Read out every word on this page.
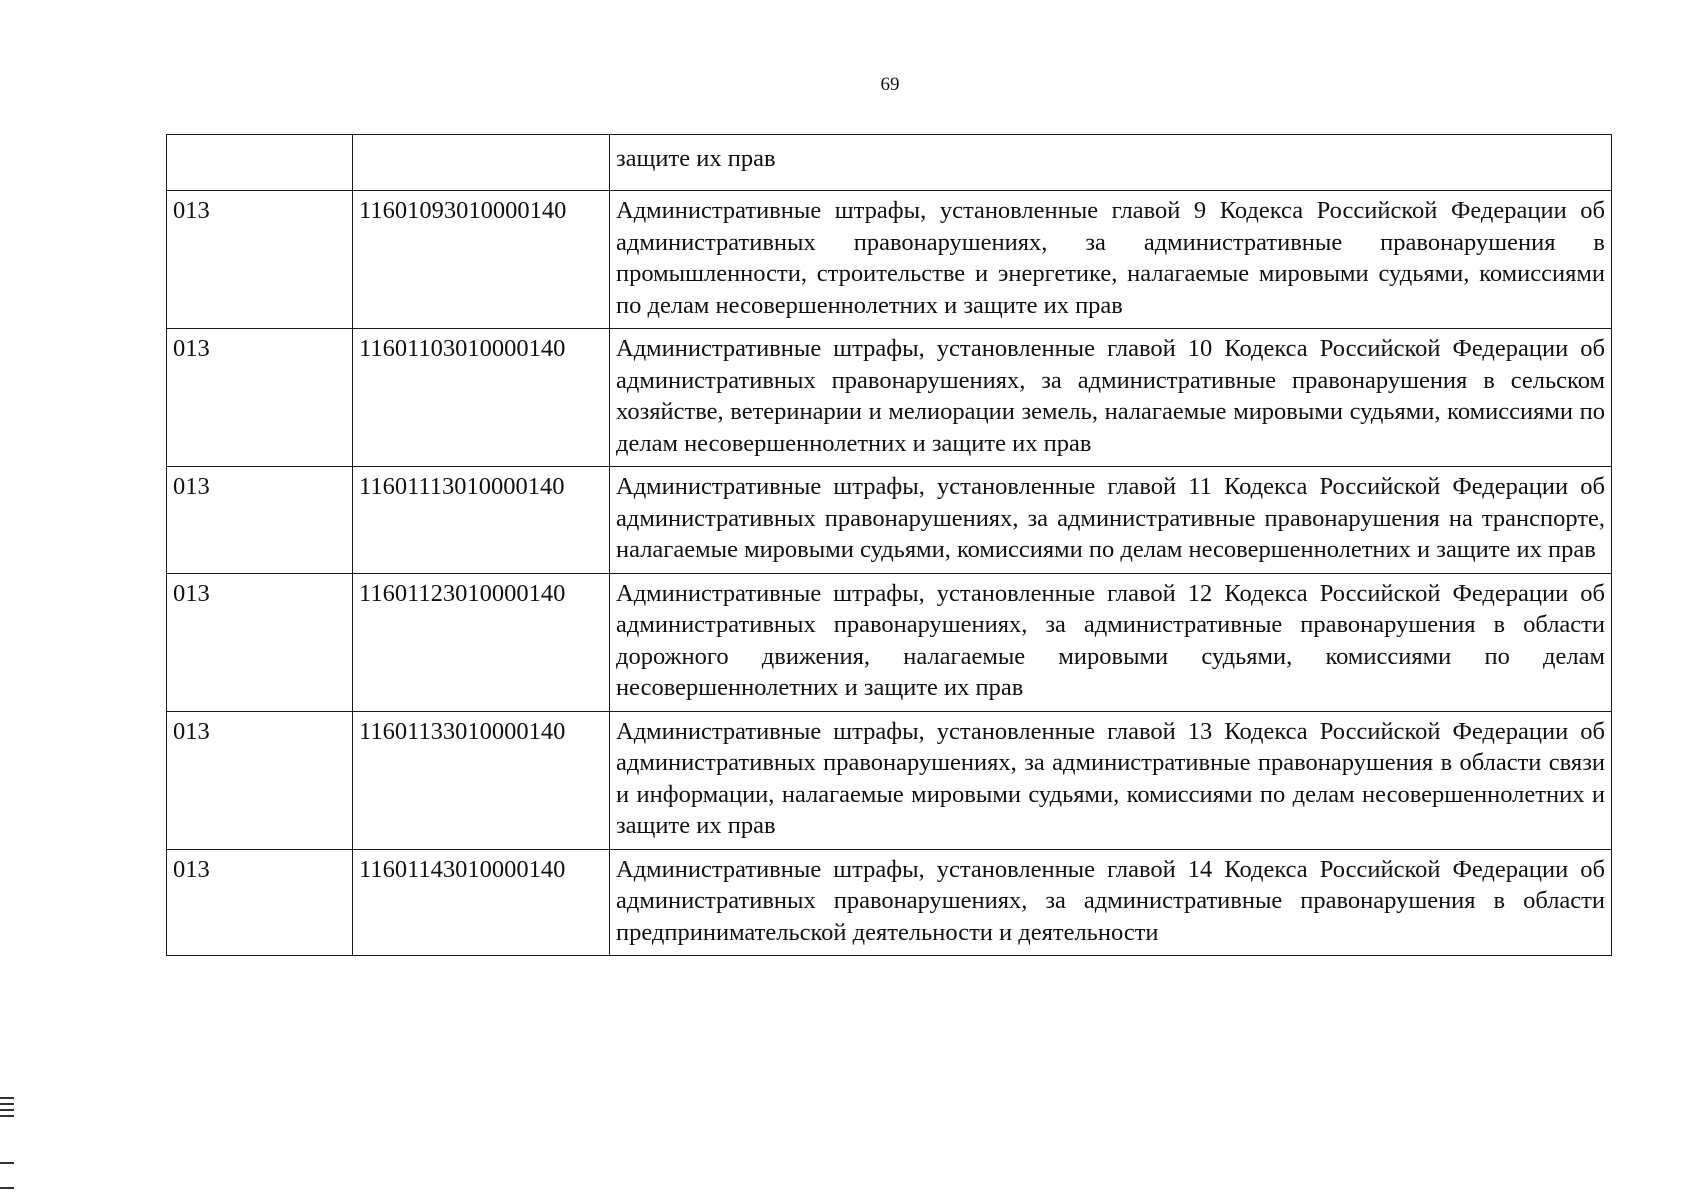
69
		защите их прав
013	11601093010000140	Административные штрафы, установленные главой 9 Кодекса Российской Федерации об административных правонарушениях, за административные правонарушения в промышленности, строительстве и энергетике, налагаемые мировыми судьями, комиссиями по делам несовершеннолетних и защите их прав
013	11601103010000140	Административные штрафы, установленные главой 10 Кодекса Российской Федерации об административных правонарушениях, за административные правонарушения в сельском хозяйстве, ветеринарии и мелиорации земель, налагаемые мировыми судьями, комиссиями по делам несовершеннолетних и защите их прав
013	11601113010000140	Административные штрафы, установленные главой 11 Кодекса Российской Федерации об административных правонарушениях, за административные правонарушения на транспорте, налагаемые мировыми судьями, комиссиями по делам несовершеннолетних и защите их прав
013	11601123010000140	Административные штрафы, установленные главой 12 Кодекса Российской Федерации об административных правонарушениях, за административные правонарушения в области дорожного движения, налагаемые мировыми судьями, комиссиями по делам несовершеннолетних и защите их прав
013	11601133010000140	Административные штрафы, установленные главой 13 Кодекса Российской Федерации об административных правонарушениях, за административные правонарушения в области связи и информации, налагаемые мировыми судьями, комиссиями по делам несовершеннолетних и защите их прав
013	11601143010000140	Административные штрафы, установленные главой 14 Кодекса Российской Федерации об административных правонарушениях, за административные правонарушения в области предпринимательской деятельности и деятельности
